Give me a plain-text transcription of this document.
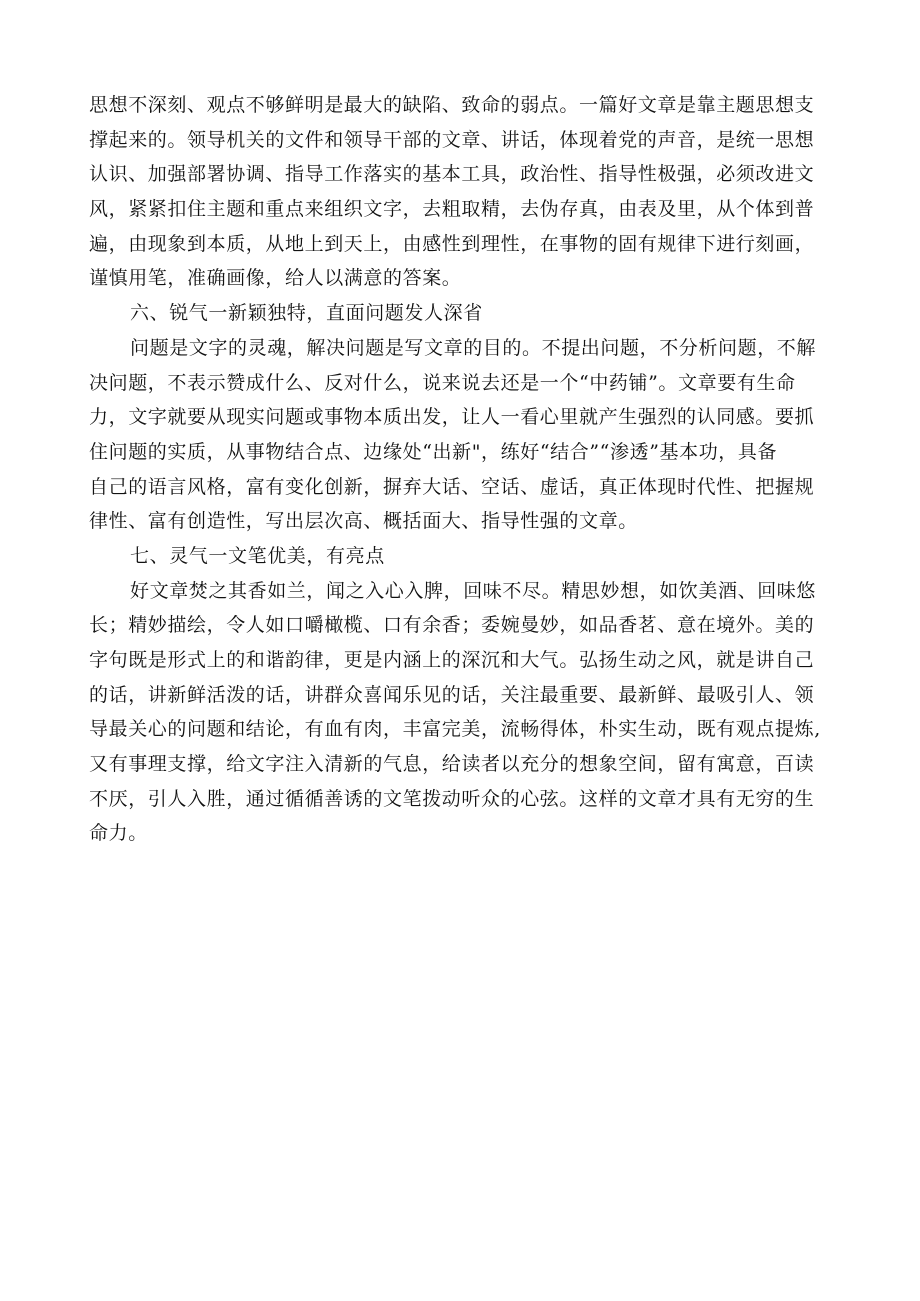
思想不深刻、观点不够鲜明是最大的缺陷、致命的弱点。一篇好文章是靠主题思想支
撑起来的。领导机关的文件和领导干部的文章、讲话，体现着党的声音，是统一思想
认识、加强部署协调、指导工作落实的基本工具，政治性、指导性极强，必须改进文
风，紧紧扣住主题和重点来组织文字，去粗取精，去伪存真，由表及里，从个体到普
遍，由现象到本质，从地上到天上，由感性到理性，在事物的固有规律下进行刻画，
谨慎用笔，准确画像，给人以满意的答案。
六、锐气一新颖独特，直面问题发人深省
问题是文字的灵魂，解决问题是写文章的目的。不提出问题，不分析问题，不解
决问题，不表示赞成什么、反对什么，说来说去还是一个“中药铺”。文章要有生命
力，文字就要从现实问题或事物本质出发，让人一看心里就产生强烈的认同感。要抓
住问题的实质，从事物结合点、边缘处“出新"，练好“结合”“渗透”基本功，具备
自己的语言风格，富有变化创新，摒弃大话、空话、虚话，真正体现时代性、把握规
律性、富有创造性，写出层次高、概括面大、指导性强的文章。
七、灵气一文笔优美，有亮点
好文章焚之其香如兰，闻之入心入脾，回味不尽。精思妙想，如饮美酒、回味悠
长；精妙描绘，令人如口嚼橄榄、口有余香；委婉曼妙，如品香茗、意在境外。美的
字句既是形式上的和谐韵律，更是内涵上的深沉和大气。弘扬生动之风，就是讲自己
的话，讲新鲜活泼的话，讲群众喜闻乐见的话，关注最重要、最新鲜、最吸引人、领
导最关心的问题和结论，有血有肉，丰富完美，流畅得体，朴实生动，既有观点提炼,
又有事理支撑，给文字注入清新的气息，给读者以充分的想象空间，留有寓意，百读
不厌，引人入胜，通过循循善诱的文笔拨动听众的心弦。这样的文章才具有无穷的生
命力。
